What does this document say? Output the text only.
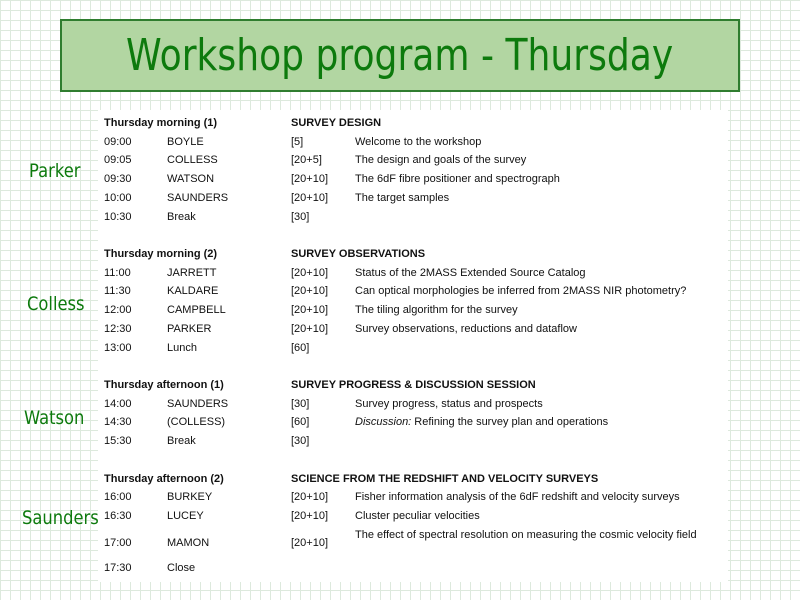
Workshop program - Thursday
Parker
Colless
Watson
Saunders
Thursday morning (1)	SURVEY DESIGN
09:00	BOYLE	[5]	Welcome to the workshop
09:05	COLLESS	[20+5]	The design and goals of the survey
09:30	WATSON	[20+10] The 6dF fibre positioner and spectrograph
10:00	SAUNDERS	[20+10] The target samples
10:30	Break	[30]
Thursday morning (2)	SURVEY OBSERVATIONS
11:00	JARRETT	[20+10] Status of the 2MASS Extended Source Catalog
11:30	KALDARE	[20+10] Can optical morphologies be inferred from 2MASS NIR photometry?
12:00	CAMPBELL	[20+10] The tiling algorithm for the survey
12:30	PARKER	[20+10] Survey observations, reductions and dataflow
13:00	Lunch	[60]
Thursday afternoon (1)	SURVEY PROGRESS & DISCUSSION SESSION
14:00	SAUNDERS	[30]	Survey progress, status and prospects
14:30	(COLLESS)	[60]	Discussion: Refining the survey plan and operations
15:30	Break	[30]
Thursday afternoon (2)	SCIENCE FROM THE REDSHIFT AND VELOCITY SURVEYS
16:00	BURKEY	[20+10] Fisher information analysis of the 6dF redshift and velocity surveys
16:30	LUCEY	[20+10] Cluster peculiar velocities
17:00	MAMON	[20+10]
The effect of spectral resolution on measuring the cosmic velocity field
17:30	Close
